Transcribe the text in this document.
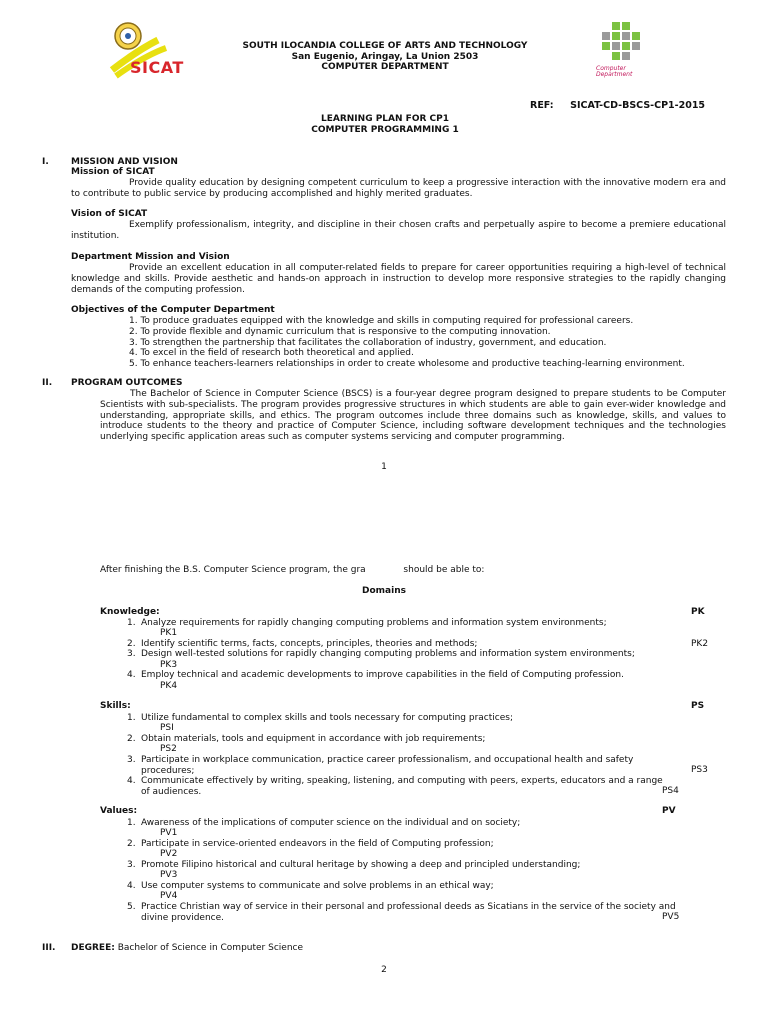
SICAT
SOUTH ILOCANDIA COLLEGE OF ARTS AND TECHNOLOGY
San Eugenio, Aringay, La Union 2503
COMPUTER DEPARTMENT	Computer Department
REF: SICAT-CD-BSCS-CP1-2015
LEARNING PLAN FOR CP1
COMPUTER PROGRAMMING 1
I. MISSION AND VISION
Mission of SICAT
Provide quality education by designing competent curriculum to keep a progressive interaction with the innovative modern era and to contribute to public service by producing accomplished and highly merited graduates.
Vision of SICAT
Exemplify professionalism, integrity, and discipline in their chosen crafts and perpetually aspire to become a premiere educational institution.
Department Mission and Vision
Provide an excellent education in all computer-related fields to prepare for career opportunities requiring a high-level of technical knowledge and skills. Provide aesthetic and hands-on approach in instruction to develop more responsive strategies to the rapidly changing demands of the computing profession.
Objectives of the Computer Department
1. To produce graduates equipped with the knowledge and skills in computing required for professional careers.
2. To provide flexible and dynamic curriculum that is responsive to the computing innovation.
3. To strengthen the partnership that facilitates the collaboration of industry, government, and education.
4. To excel in the field of research both theoretical and applied.
5. To enhance teachers-learners relationships in order to create wholesome and productive teaching-learning environment.
II. PROGRAM OUTCOMES
The Bachelor of Science in Computer Science (BSCS) is a four-year degree program designed to prepare students to be Computer Scientists with sub-specialists. The program provides progressive structures in which students are able to gain ever-wider knowledge and understanding, appropriate skills, and ethics. The program outcomes include three domains such as knowledge, skills, and values to introduce students to the theory and practice of Computer Science, including software development techniques and the technologies underlying specific application areas such as computer systems servicing and computer programming.
1
After finishing the B.S. Computer Science program, the gra	should be able to:
Domains
Knowledge:	PK
1. Analyze requirements for rapidly changing computing problems and information system environments;
PK1
2. Identify scientific terms, facts, concepts, principles, theories and methods;	PK2
3. Design well-tested solutions for rapidly changing computing problems and information system environments;
PK3
4. Employ technical and academic developments to improve capabilities in the field of Computing profession.
PK4
Skills:	PS
1. Utilize fundamental to complex skills and tools necessary for computing practices;
PSI
2. Obtain materials, tools and equipment in accordance with job requirements;
PS2
3. Participate in workplace communication, practice career professionalism, and occupational health and safety procedures;	PS3
4. Communicate effectively by writing, speaking, listening, and computing with peers, experts, educators and a range of audiences.	PS4
Values:	PV
1. Awareness of the implications of computer science on the individual and on society;
PV1
2. Participate in service-oriented endeavors in the field of Computing profession;
PV2
3. Promote Filipino historical and cultural heritage by showing a deep and principled understanding;
PV3
4. Use computer systems to communicate and solve problems in an ethical way;
PV4
5. Practice Christian way of service in their personal and professional deeds as Sicatians in the service of the society and divine providence.	PV5
III. DEGREE: Bachelor of Science in Computer Science
2
